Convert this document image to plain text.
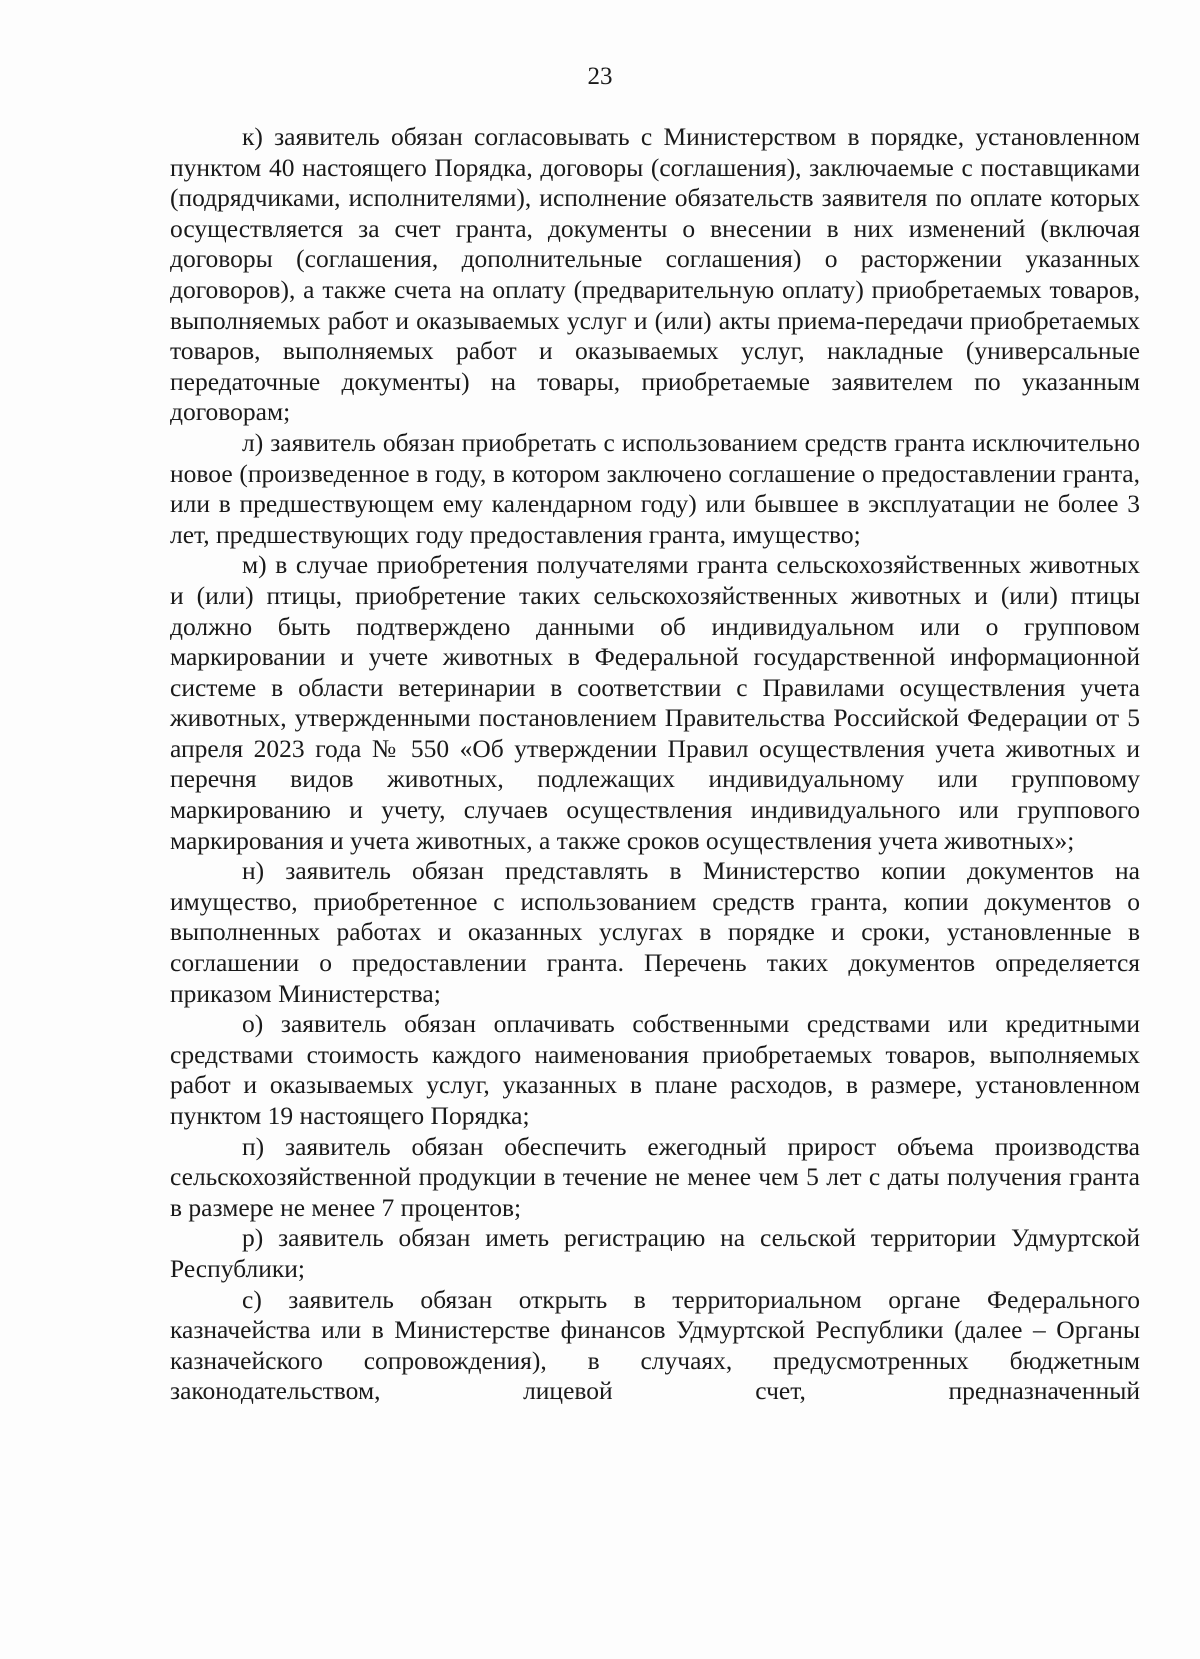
23

к) заявитель обязан согласовывать с Министерством в порядке, установленном пунктом 40 настоящего Порядка, договоры (соглашения), заключаемые с поставщиками (подрядчиками, исполнителями), исполнение обязательств заявителя по оплате которых осуществляется за счет гранта, документы о внесении в них изменений (включая договоры (соглашения, дополнительные соглашения) о расторжении указанных договоров), а также счета на оплату (предварительную оплату) приобретаемых товаров, выполняемых работ и оказываемых услуг и (или) акты приема-передачи приобретаемых товаров, выполняемых работ и оказываемых услуг, накладные (универсальные передаточные документы) на товары, приобретаемые заявителем по указанным договорам;

л) заявитель обязан приобретать с использованием средств гранта исключительно новое (произведенное в году, в котором заключено соглашение о предоставлении гранта, или в предшествующем ему календарном году) или бывшее в эксплуатации не более 3 лет, предшествующих году предоставления гранта, имущество;

м) в случае приобретения получателями гранта сельскохозяйственных животных и (или) птицы, приобретение таких сельскохозяйственных животных и (или) птицы должно быть подтверждено данными об индивидуальном или о групповом маркировании и учете животных в Федеральной государственной информационной системе в области ветеринарии в соответствии с Правилами осуществления учета животных, утвержденными постановлением Правительства Российской Федерации от 5 апреля 2023 года № 550 «Об утверждении Правил осуществления учета животных и перечня видов животных, подлежащих индивидуальному или групповому маркированию и учету, случаев осуществления индивидуального или группового маркирования и учета животных, а также сроков осуществления учета животных»;

н) заявитель обязан представлять в Министерство копии документов на имущество, приобретенное с использованием средств гранта, копии документов о выполненных работах и оказанных услугах в порядке и сроки, установленные в соглашении о предоставлении гранта. Перечень таких документов определяется приказом Министерства;

о) заявитель обязан оплачивать собственными средствами или кредитными средствами стоимость каждого наименования приобретаемых товаров, выполняемых работ и оказываемых услуг, указанных в плане расходов, в размере, установленном пунктом 19 настоящего Порядка;

п) заявитель обязан обеспечить ежегодный прирост объема производства сельскохозяйственной продукции в течение не менее чем 5 лет с даты получения гранта в размере не менее 7 процентов;

р) заявитель обязан иметь регистрацию на сельской территории Удмуртской Республики;

с) заявитель обязан открыть в территориальном органе Федерального казначейства или в Министерстве финансов Удмуртской Республики (далее – Органы казначейского сопровождения), в случаях, предусмотренных бюджетным законодательством, лицевой счет, предназначенный
